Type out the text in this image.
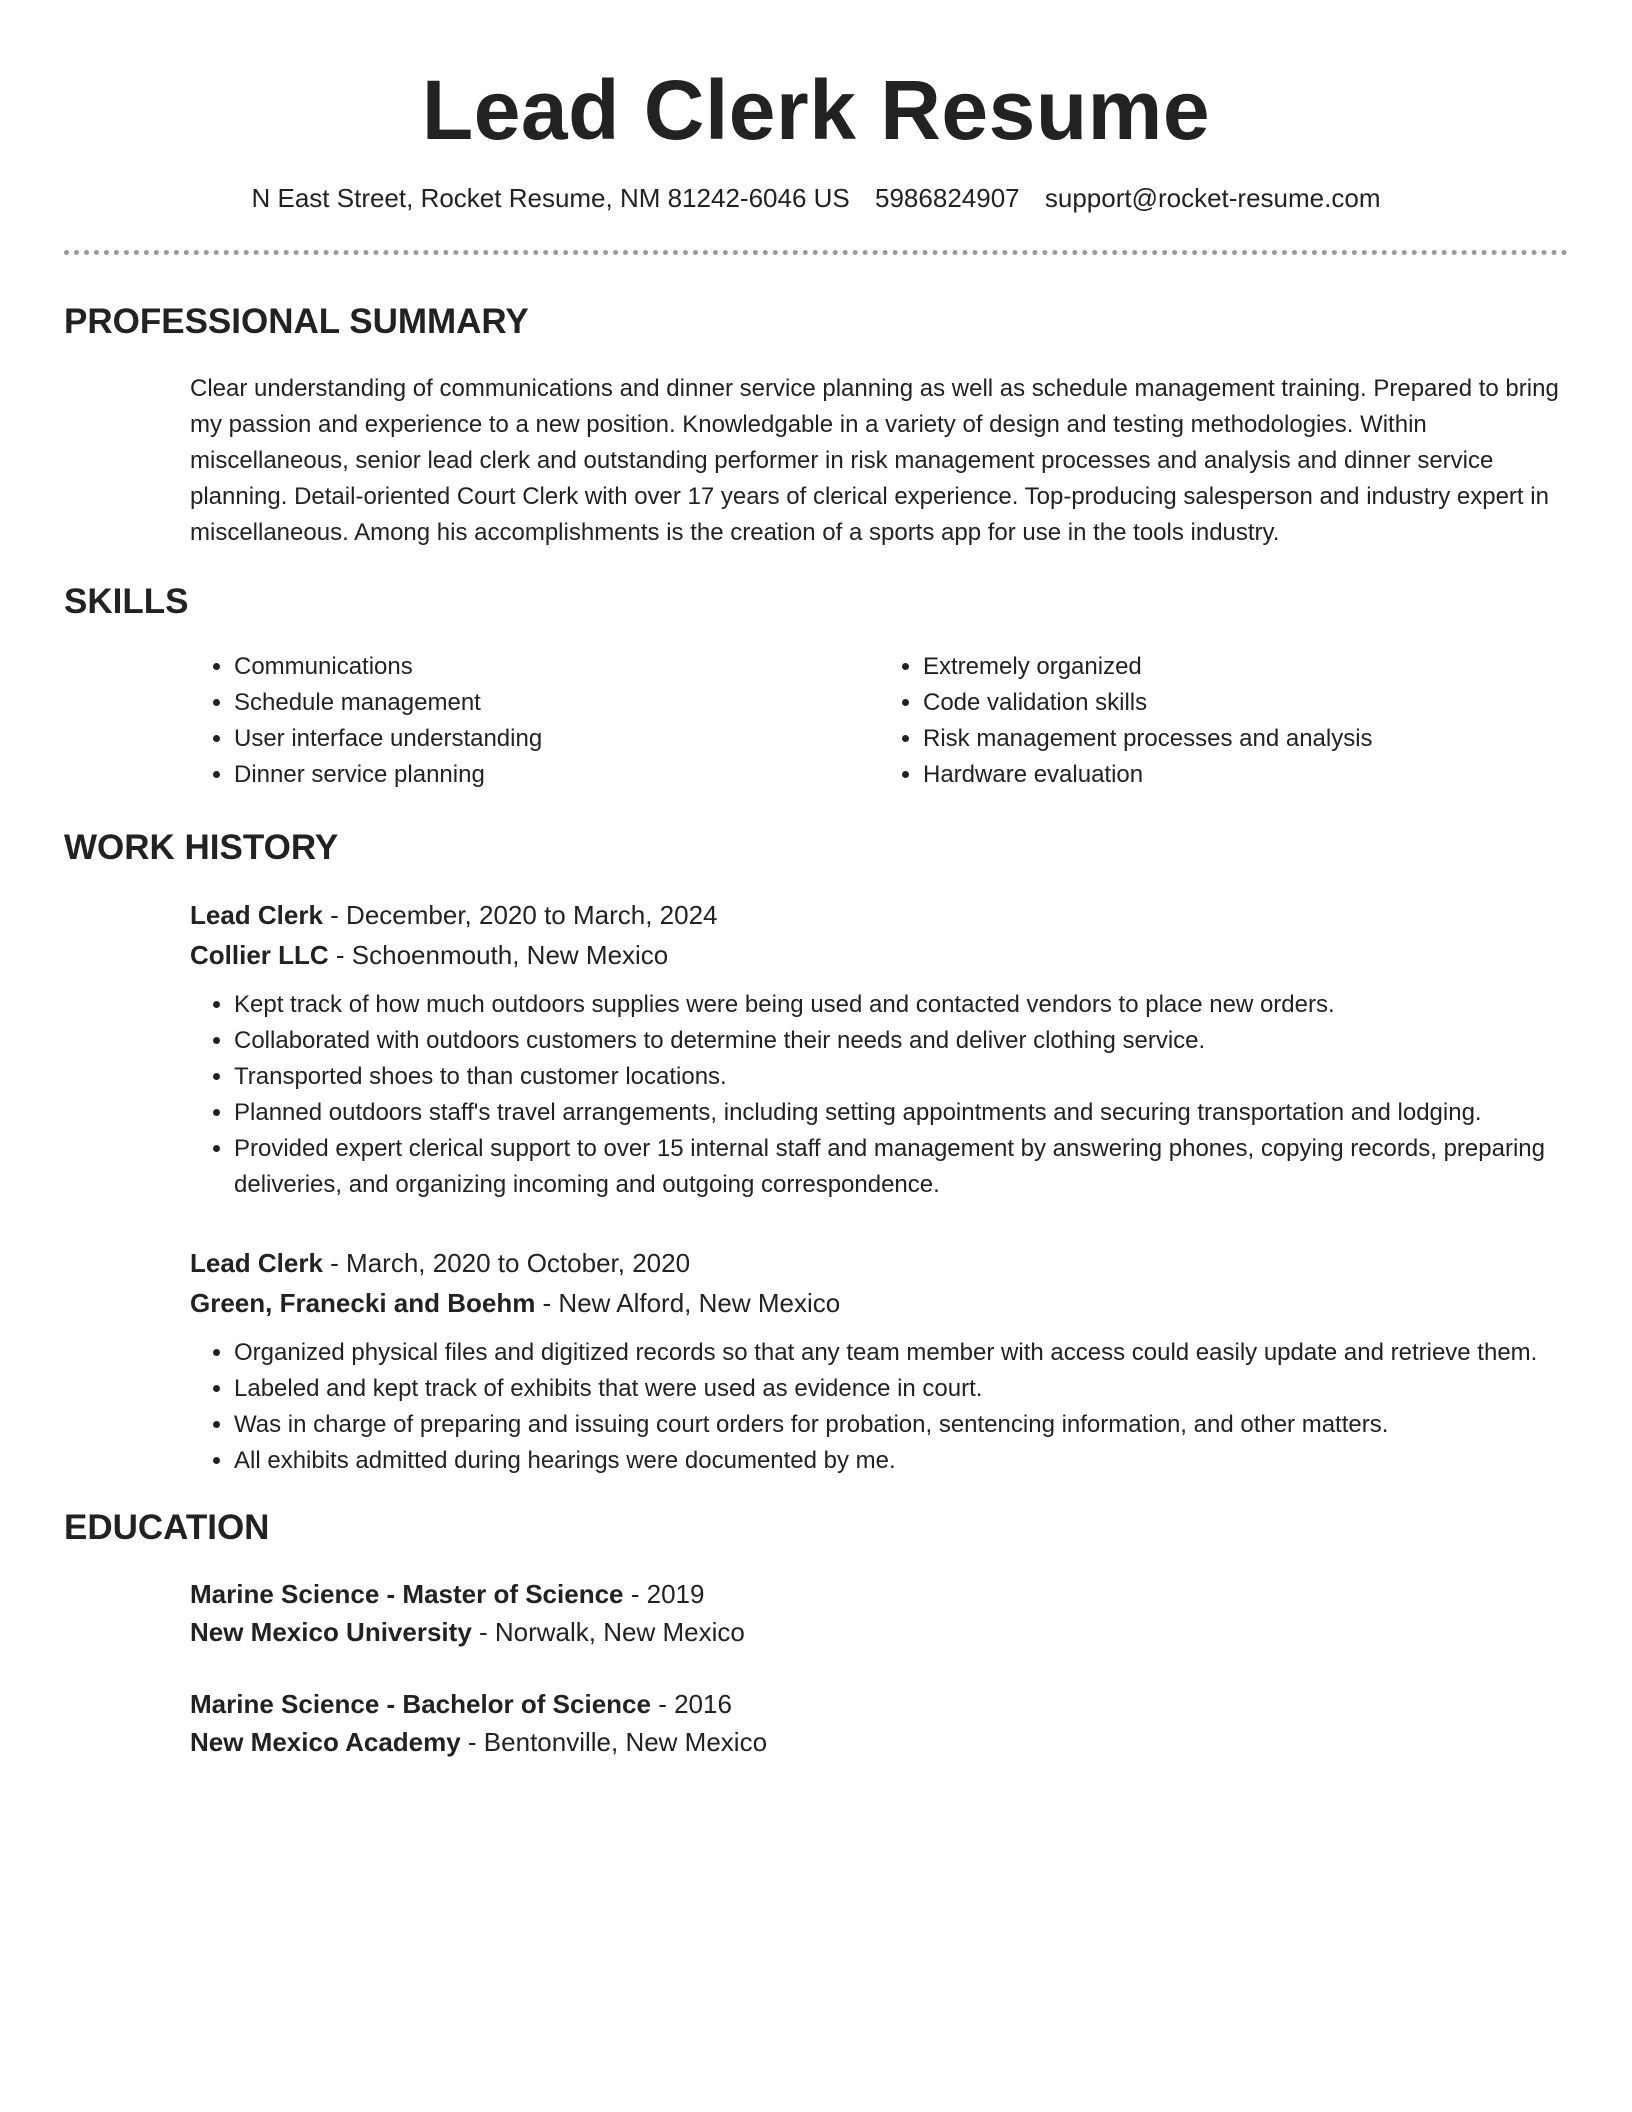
Lead Clerk Resume
N East Street, Rocket Resume, NM 81242-6046 US 5986824907 support@rocket-resume.com
PROFESSIONAL SUMMARY
Clear understanding of communications and dinner service planning as well as schedule management training. Prepared to bring my passion and experience to a new position. Knowledgable in a variety of design and testing methodologies. Within miscellaneous, senior lead clerk and outstanding performer in risk management processes and analysis and dinner service planning. Detail-oriented Court Clerk with over 17 years of clerical experience. Top-producing salesperson and industry expert in miscellaneous. Among his accomplishments is the creation of a sports app for use in the tools industry.
SKILLS
• Communications
• Schedule management
• User interface understanding
• Dinner service planning
• Extremely organized
• Code validation skills
• Risk management processes and analysis
• Hardware evaluation
WORK HISTORY
Lead Clerk - December, 2020 to March, 2024
Collier LLC - Schoenmouth, New Mexico
• Kept track of how much outdoors supplies were being used and contacted vendors to place new orders.
• Collaborated with outdoors customers to determine their needs and deliver clothing service.
• Transported shoes to than customer locations.
• Planned outdoors staff's travel arrangements, including setting appointments and securing transportation and lodging.
• Provided expert clerical support to over 15 internal staff and management by answering phones, copying records, preparing deliveries, and organizing incoming and outgoing correspondence.
Lead Clerk - March, 2020 to October, 2020
Green, Franecki and Boehm - New Alford, New Mexico
• Organized physical files and digitized records so that any team member with access could easily update and retrieve them.
• Labeled and kept track of exhibits that were used as evidence in court.
• Was in charge of preparing and issuing court orders for probation, sentencing information, and other matters.
• All exhibits admitted during hearings were documented by me.
EDUCATION
Marine Science - Master of Science - 2019
New Mexico University - Norwalk, New Mexico
Marine Science - Bachelor of Science - 2016
New Mexico Academy - Bentonville, New Mexico
